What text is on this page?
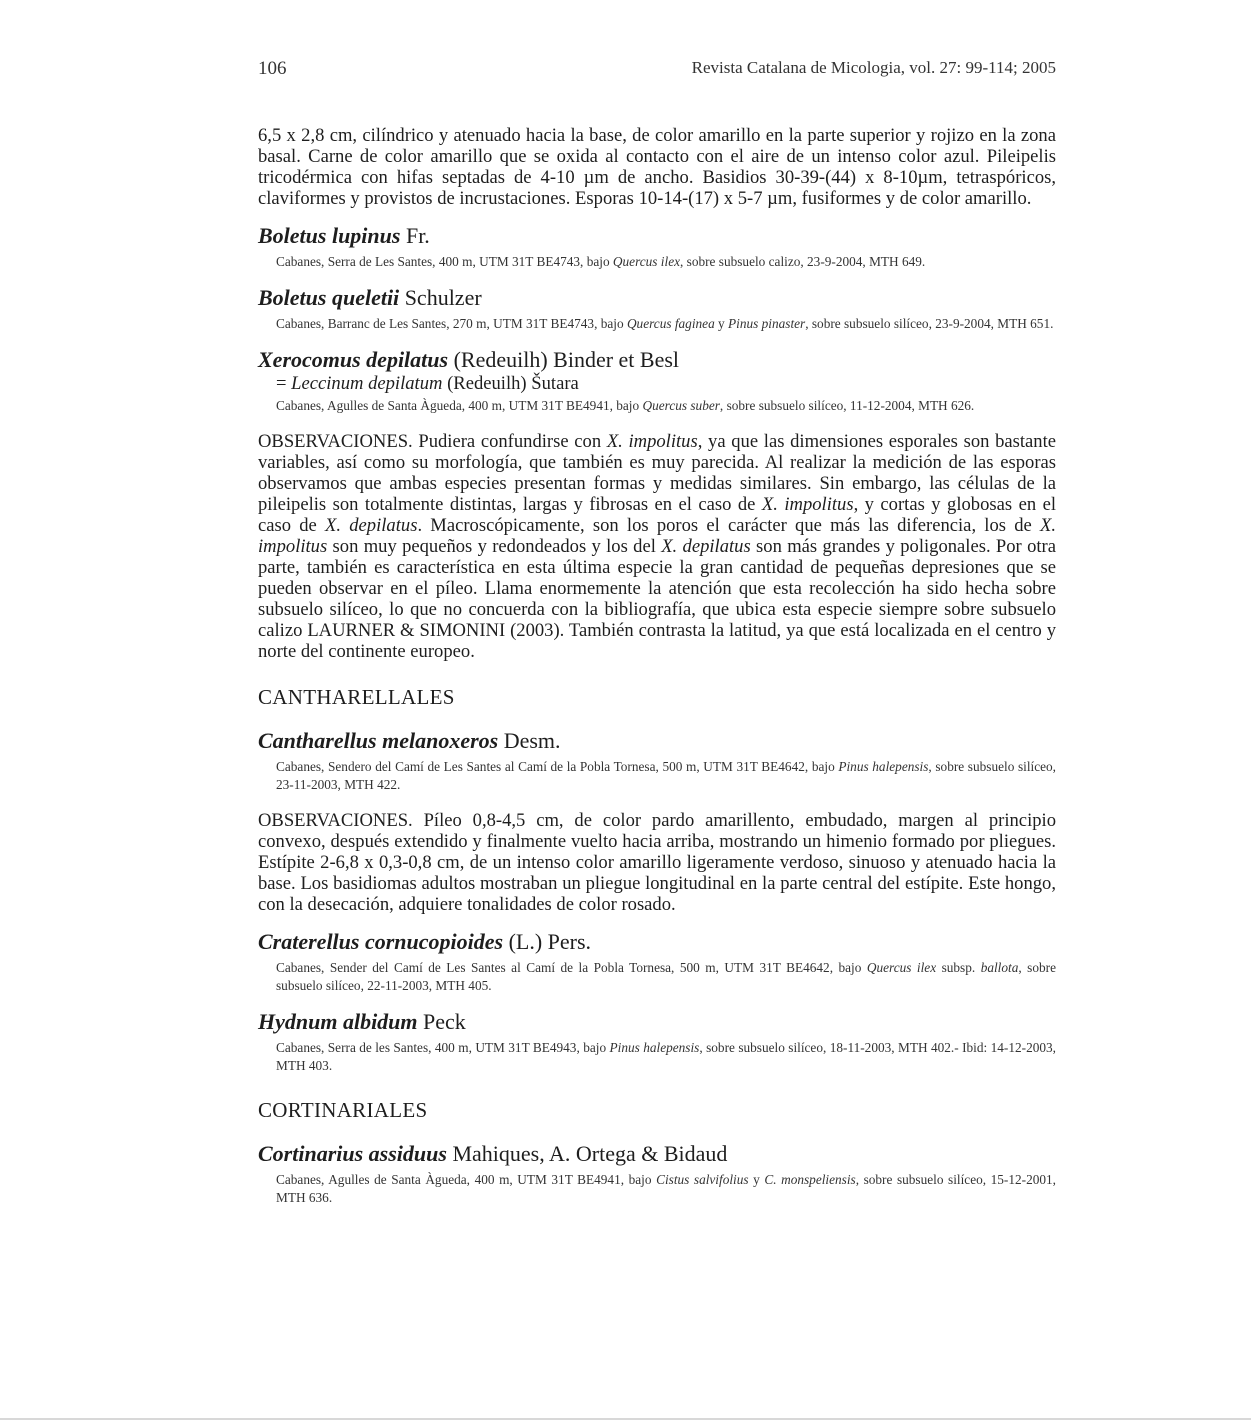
106	Revista Catalana de Micologia, vol. 27: 99-114; 2005

6,5 x 2,8 cm, cilíndrico y atenuado hacia la base, de color amarillo en la parte superior y rojizo en la zona basal. Carne de color amarillo que se oxida al contacto con el aire de un intenso color azul. Pileipelis tricodérmica con hifas septadas de 4-10 µm de ancho. Basidios 30-39-(44) x 8-10µm, tetraspóricos, claviformes y provistos de incrustaciones. Esporas 10-14-(17) x 5-7 µm, fusiformes y de color amarillo.

Boletus lupinus Fr.

Cabanes, Serra de Les Santes, 400 m, UTM 31T BE4743, bajo Quercus ilex, sobre subsuelo calizo, 23-9-2004, MTH 649.

Boletus queletii Schulzer

Cabanes, Barranc de Les Santes, 270 m, UTM 31T BE4743, bajo Quercus faginea y Pinus pinaster, sobre subsuelo silíceo, 23-9-2004, MTH 651.

Xerocomus depilatus (Redeuilh) Binder et Besl

= Leccinum depilatum (Redeuilh) Šutara

Cabanes, Agulles de Santa Àgueda, 400 m, UTM 31T BE4941, bajo Quercus suber, sobre subsuelo silíceo, 11-12-2004, MTH 626.

OBSERVACIONES. Pudiera confundirse con X. impolitus, ya que las dimensiones esporales son bastante variables, así como su morfología, que también es muy parecida. Al realizar la medición de las esporas observamos que ambas especies presentan formas y medidas similares. Sin embargo, las células de la pileipelis son totalmente distintas, largas y fibrosas en el caso de X. impolitus, y cortas y globosas en el caso de X. depilatus. Macroscópicamente, son los poros el carácter que más las diferencia, los de X. impolitus son muy pequeños y redondeados y los del X. depilatus son más grandes y poligonales. Por otra parte, también es característica en esta última especie la gran cantidad de pequeñas depresiones que se pueden observar en el píleo. Llama enormemente la atención que esta recolección ha sido hecha sobre subsuelo silíceo, lo que no concuerda con la bibliografía, que ubica esta especie siempre sobre subsuelo calizo LAURNER & SIMONINI (2003). También contrasta la latitud, ya que está localizada en el centro y norte del continente europeo.

CANTHARELLALES

Cantharellus melanoxeros Desm.

Cabanes, Sendero del Camí de Les Santes al Camí de la Pobla Tornesa, 500 m, UTM 31T BE4642, bajo Pinus halepensis, sobre subsuelo silíceo, 23-11-2003, MTH 422.

OBSERVACIONES. Píleo 0,8-4,5 cm, de color pardo amarillento, embudado, margen al principio convexo, después extendido y finalmente vuelto hacia arriba, mostrando un himenio formado por pliegues. Estípite 2-6,8 x 0,3-0,8 cm, de un intenso color amarillo ligeramente verdoso, sinuoso y atenuado hacia la base. Los basidiomas adultos mostraban un pliegue longitudinal en la parte central del estípite. Este hongo, con la desecación, adquiere tonalidades de color rosado.

Craterellus cornucopioides (L.) Pers.

Cabanes, Sender del Camí de Les Santes al Camí de la Pobla Tornesa, 500 m, UTM 31T BE4642, bajo Quercus ilex subsp. ballota, sobre subsuelo silíceo, 22-11-2003, MTH 405.

Hydnum albidum Peck

Cabanes, Serra de les Santes, 400 m, UTM 31T BE4943, bajo Pinus halepensis, sobre subsuelo silíceo, 18-11-2003, MTH 402.- Ibid: 14-12-2003, MTH 403.

CORTINARIALES

Cortinarius assiduus Mahiques, A. Ortega & Bidaud

Cabanes, Agulles de Santa Àgueda, 400 m, UTM 31T BE4941, bajo Cistus salvifolius y C. monspeliensis, sobre subsuelo silíceo, 15-12-2001, MTH 636.
